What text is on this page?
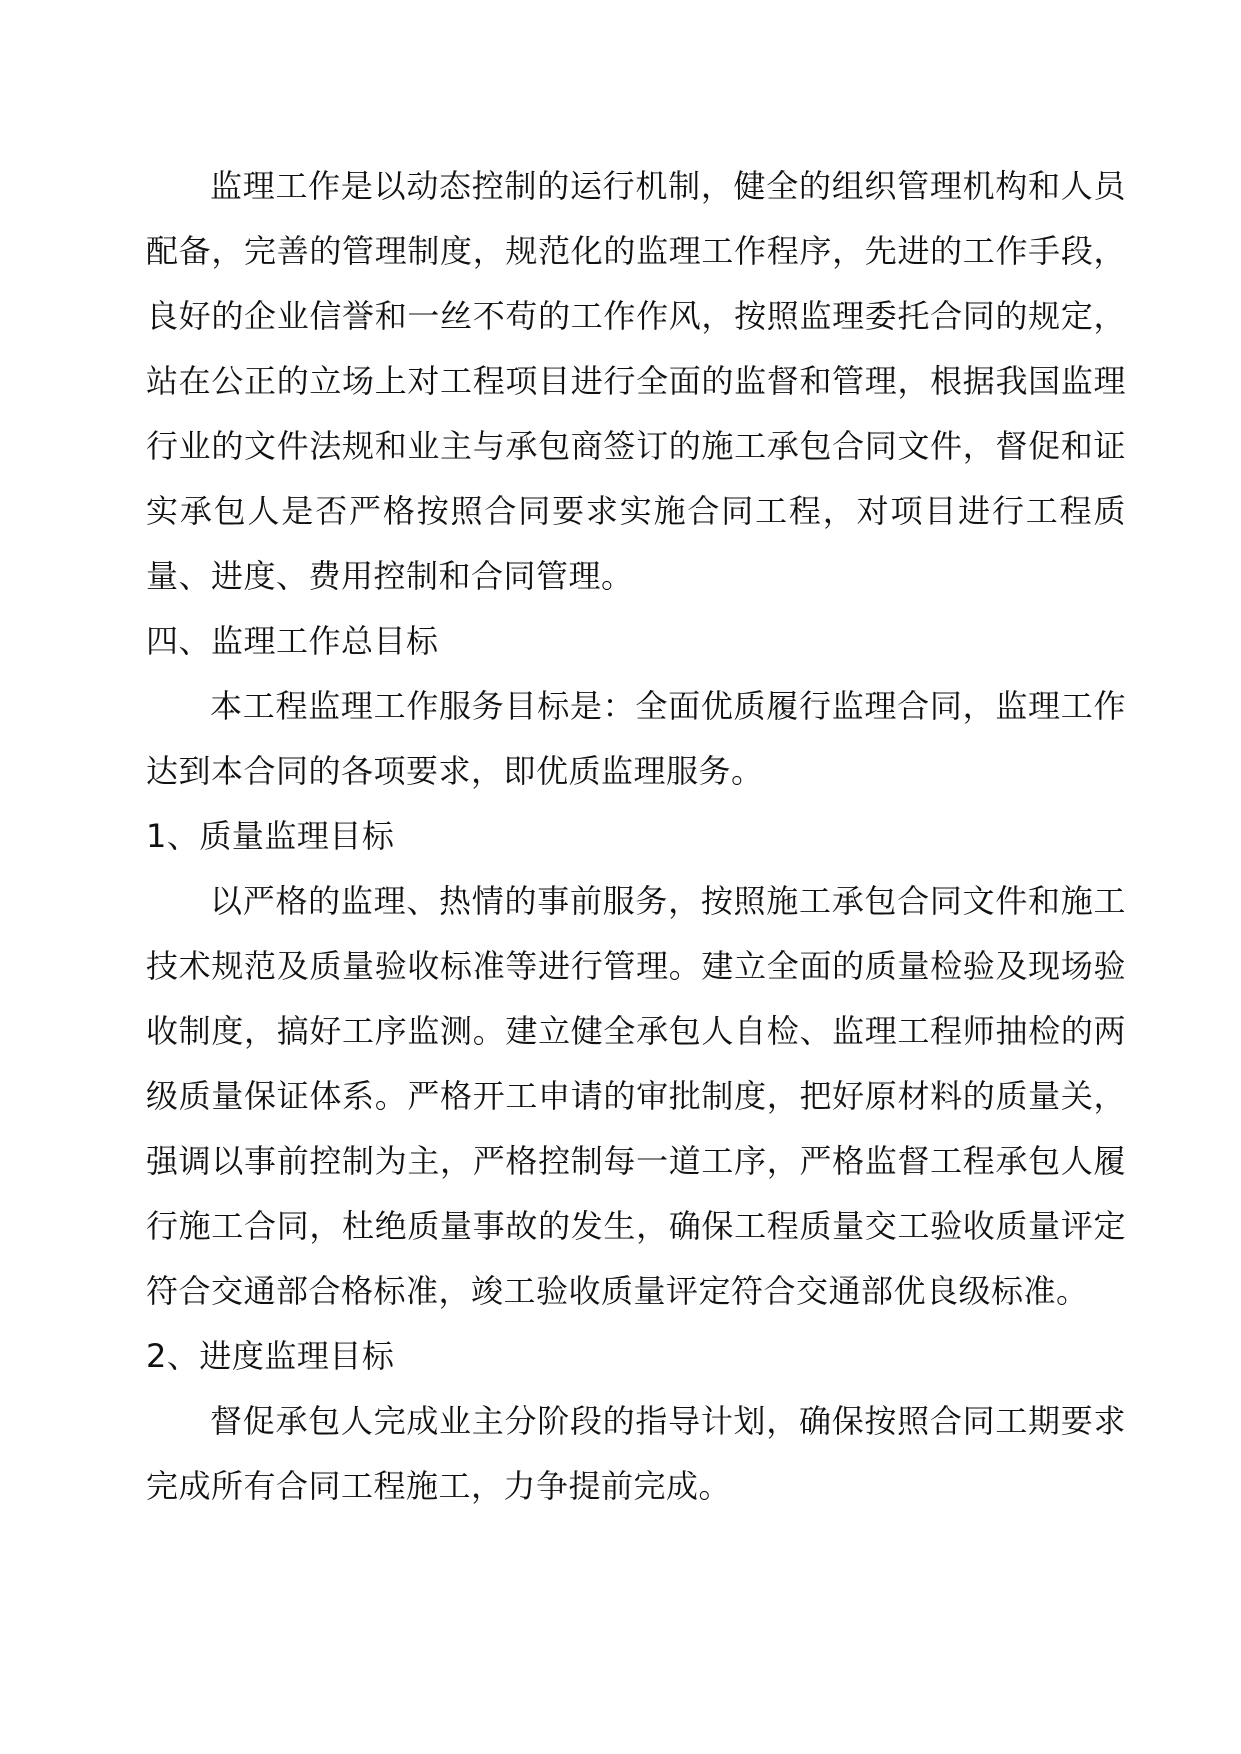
监理工作是以动态控制的运行机制，健全的组织管理机构和人员配备，完善的管理制度，规范化的监理工作程序，先进的工作手段，良好的企业信誉和一丝不苟的工作作风，按照监理委托合同的规定，站在公正的立场上对工程项目进行全面的监督和管理，根据我国监理行业的文件法规和业主与承包商签订的施工承包合同文件，督促和证实承包人是否严格按照合同要求实施合同工程，对项目进行工程质量、进度、费用控制和合同管理。

四、监理工作总目标

本工程监理工作服务目标是：全面优质履行监理合同，监理工作达到本合同的各项要求，即优质监理服务。

1、质量监理目标

以严格的监理、热情的事前服务，按照施工承包合同文件和施工技术规范及质量验收标准等进行管理。建立全面的质量检验及现场验收制度，搞好工序监测。建立健全承包人自检、监理工程师抽检的两级质量保证体系。严格开工申请的审批制度，把好原材料的质量关，强调以事前控制为主，严格控制每一道工序，严格监督工程承包人履行施工合同，杜绝质量事故的发生，确保工程质量交工验收质量评定符合交通部合格标准，竣工验收质量评定符合交通部优良级标准。

2、进度监理目标

督促承包人完成业主分阶段的指导计划，确保按照合同工期要求完成所有合同工程施工，力争提前完成。
